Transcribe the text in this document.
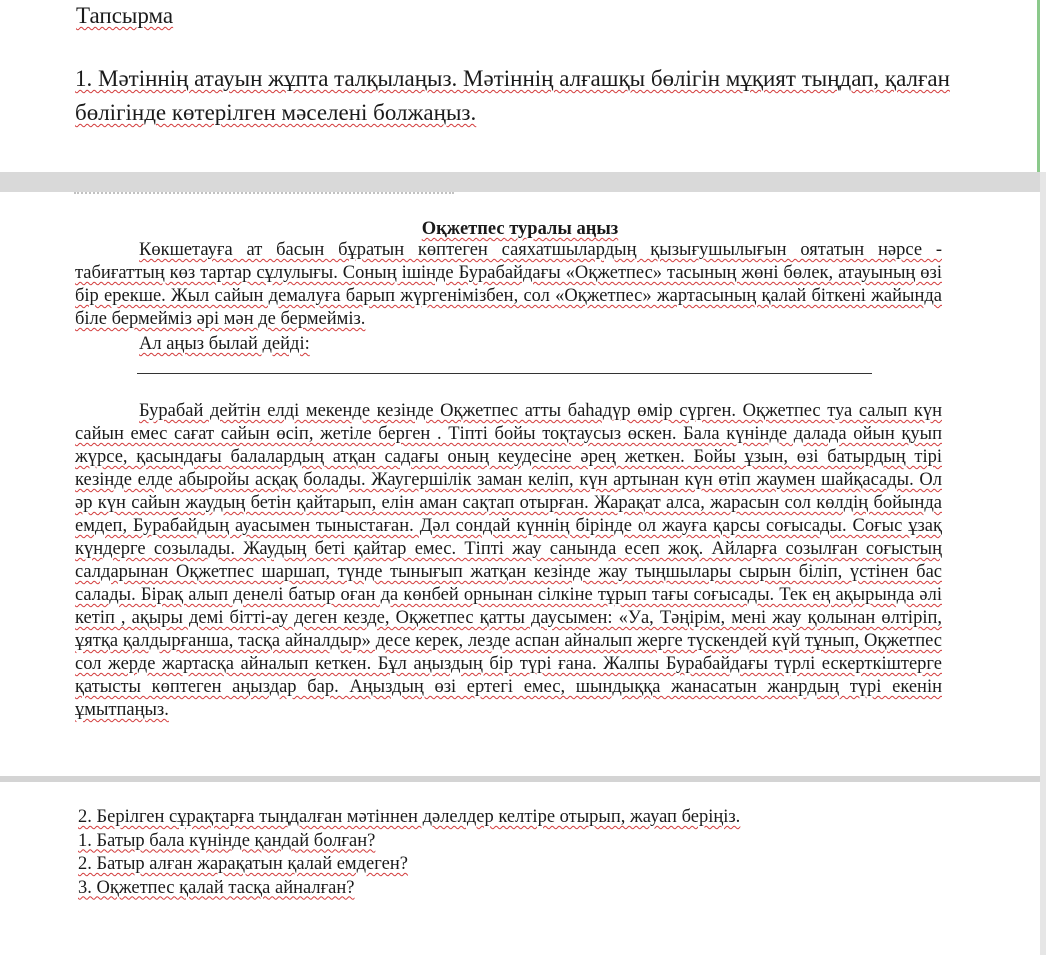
Тапсырма
1. Мәтіннің атауын жұпта талқылаңыз. Мәтіннің алғашқы бөлігін мұқият тыңдап, қалған бөлігінде көтерілген мәселені болжаңыз.
Оқжетпес туралы аңыз
Көкшетауға ат басын бұратын көптеген саяхатшылардың қызығушылығын оятатын нәрсе - табиғаттың көз тартар сұлулығы. Соның ішінде Бурабайдағы «Оқжетпес» тасының жөні бөлек, атауының өзі бір ерекше. Жыл сайын демалуға барып жүргенімізбен, сол «Оқжетпес» жартасының қалай біткені жайында біле бермейміз әрі мән де бермейміз.
Ал аңыз былай дейді:
Бурабай дейтін елді мекенде кезінде Оқжетпес атты баһадүр өмір сүрген. Оқжетпес туа салып күн сайын емес сағат сайын өсіп, жетіле берген . Тіпті бойы тоқтаусыз өскен. Бала күнінде далада ойын қуып жүрсе, қасындағы балалардың атқан садағы оның кеудесіне әрең жеткен. Бойы ұзын, өзі батырдың тірі кезінде елде абыройы асқақ болады. Жаугершілік заман келіп, күн артынан күн өтіп жаумен шайқасады. Ол әр күн сайын жаудың бетін қайтарып, елін аман сақтап отырған. Жарақат алса, жарасын сол көлдің бойында емдеп, Бурабайдың ауасымен тыныстаған. Дәл сондай күннің бірінде ол жауға қарсы соғысады. Соғыс ұзақ күндерге созылады. Жаудың беті қайтар емес. Тіпті жау санында есеп жоқ. Айларға созылған соғыстың салдарынан Оқжетпес шаршап, түнде тынығып жатқан кезінде жау тыңшылары сырын біліп, үстінен бас салады. Бірақ алып денелі батыр оған да көнбей орнынан сілкіне тұрып тағы соғысады. Тек ең ақырында әлі кетіп , ақыры демі бітті-ау деген кезде, Оқжетпес қатты даусымен: «Уа, Тәңірім, мені жау қолынан өлтіріп, ұятқа қалдырғанша, тасқа айналдыр» десе керек, лезде аспан айналып жерге түскендей күй тұнып, Оқжетпес сол жерде жартасқа айналып кеткен. Бұл аңыздың бір түрі ғана. Жалпы Бурабайдағы түрлі ескерткіштерге қатысты көптеген аңыздар бар. Аңыздың өзі ертегі емес, шындыққа жанасатын жанрдың түрі екенін ұмытпаңыз.
2. Берілген сұрақтарға тыңдалған мәтіннен дәлелдер келтіре отырып, жауап беріңіз.
1. Батыр бала күнінде қандай болған?
2. Батыр алған жарақатын қалай емдеген?
3. Оқжетпес қалай тасқа айналған?
